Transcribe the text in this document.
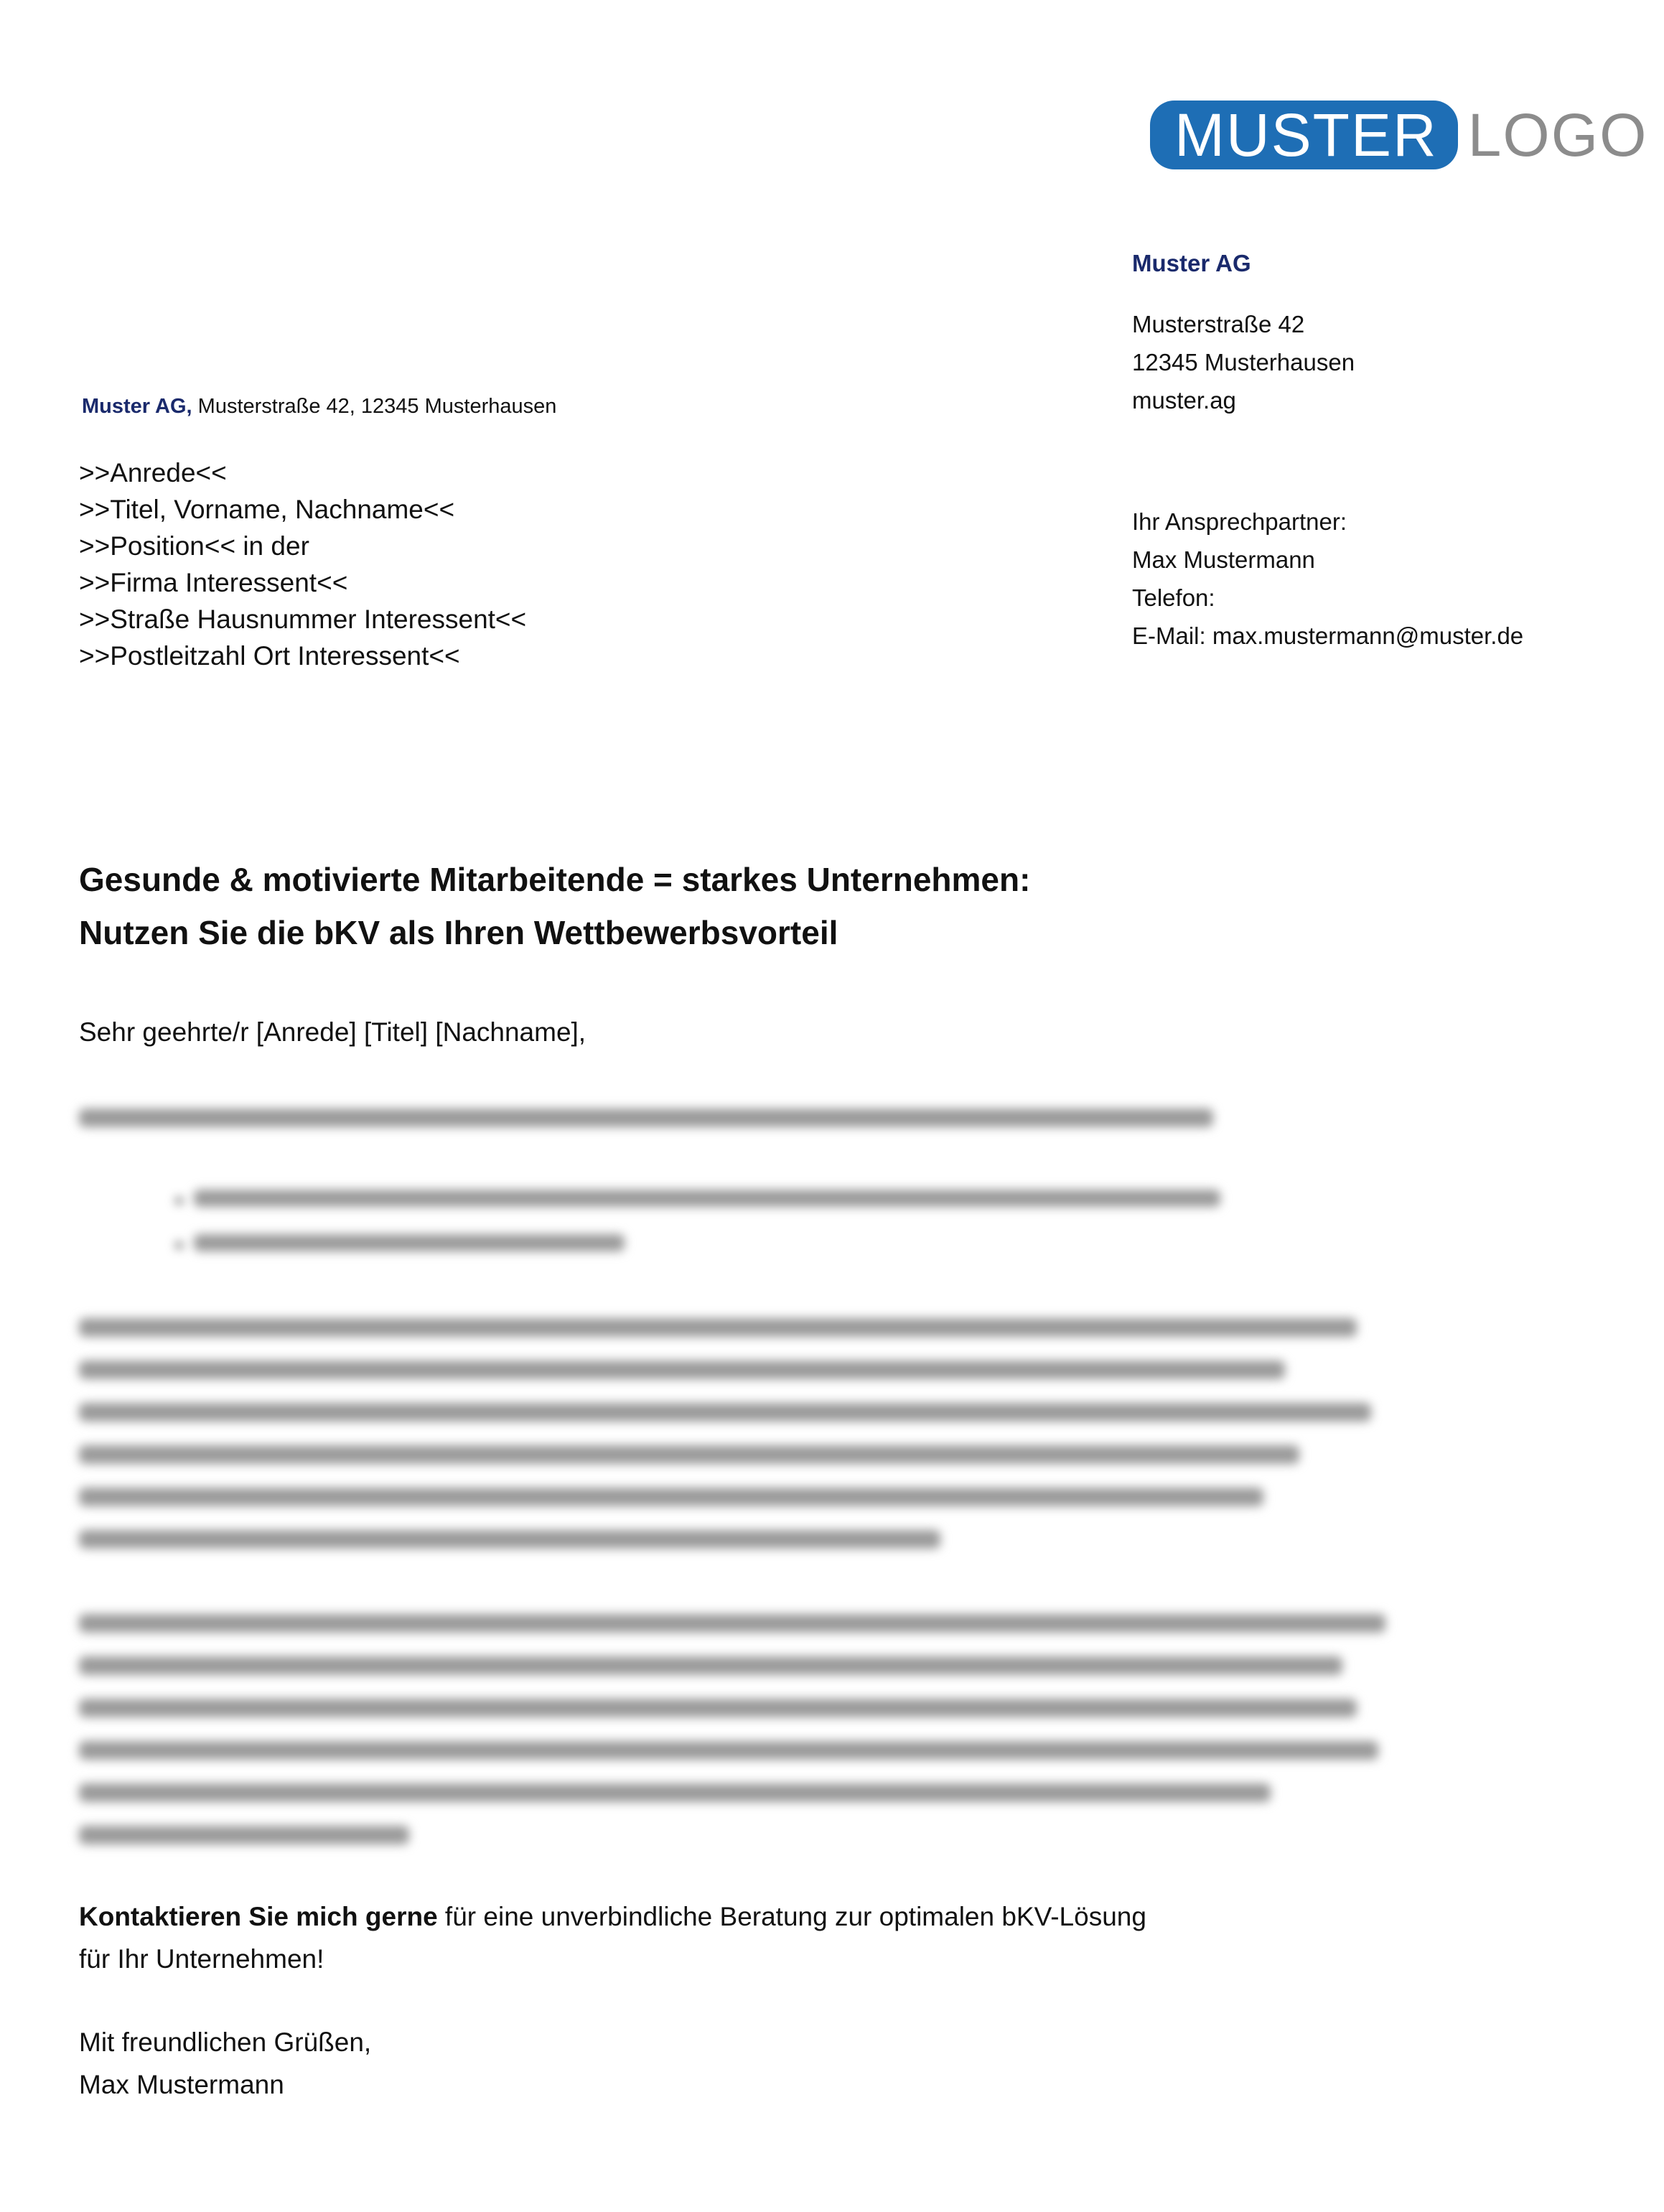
MUSTER LOGO
Muster AG
Musterstraße 42
12345 Musterhausen
muster.ag
Ihr Ansprechpartner:
Max Mustermann
Telefon:
E-Mail: max.mustermann@muster.de
Muster AG, Musterstraße 42, 12345 Musterhausen
>>Anrede<<
>>Titel, Vorname, Nachname<<
>>Position<< in der
>>Firma Interessent<<
>>Straße Hausnummer Interessent<<
>>Postleitzahl Ort Interessent<<
Gesunde & motivierte Mitarbeitende = starkes Unternehmen:
Nutzen Sie die bKV als Ihren Wettbewerbsvorteil
Sehr geehrte/r [Anrede] [Titel] [Nachname],
•
•
Kontaktieren Sie mich gerne für eine unverbindliche Beratung zur optimalen bKV-Lösung
für Ihr Unternehmen!
Mit freundlichen Grüßen,
Max Mustermann
